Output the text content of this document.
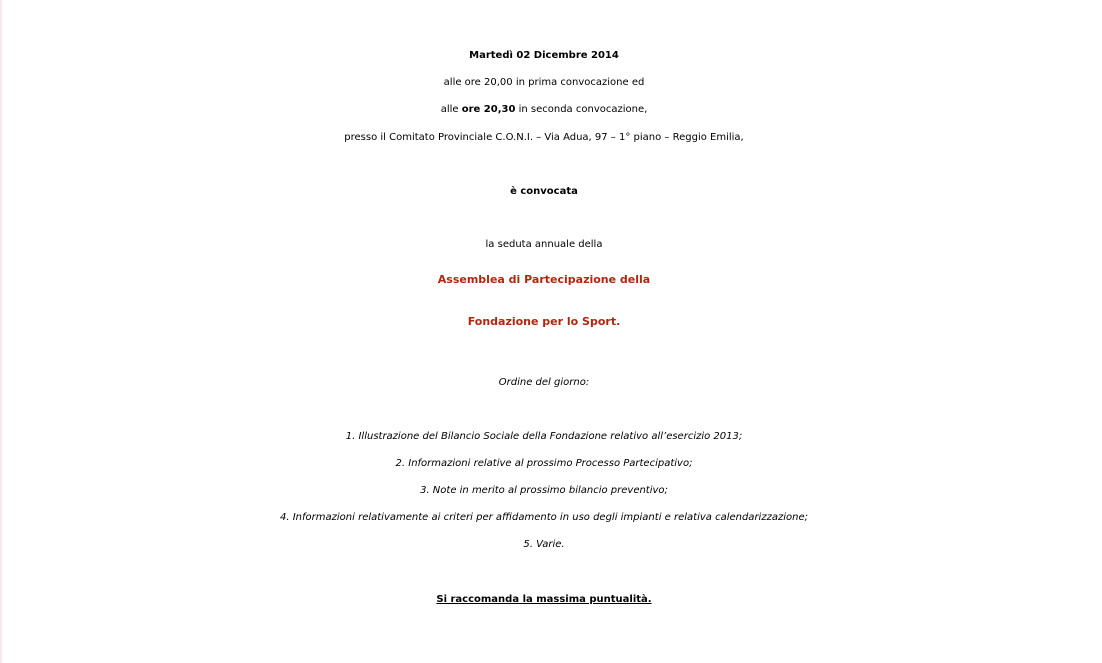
Martedì 02 Dicembre 2014
alle ore 20,00 in prima convocazione ed
alle ore 20,30 in seconda convocazione,
presso il Comitato Provinciale C.O.N.I. – Via Adua, 97 – 1° piano – Reggio Emilia,
è convocata
la seduta annuale della
Assemblea di Partecipazione della
Fondazione per lo Sport.
Ordine del giorno:
1. Illustrazione del Bilancio Sociale della Fondazione relativo all’esercizio 2013;
2. Informazioni relative al prossimo Processo Partecipativo;
3. Note in merito al prossimo bilancio preventivo;
4. Informazioni relativamente ai criteri per affidamento in uso degli impianti e relativa calendarizzazione;
5. Varie.
Si raccomanda la massima puntualità.
